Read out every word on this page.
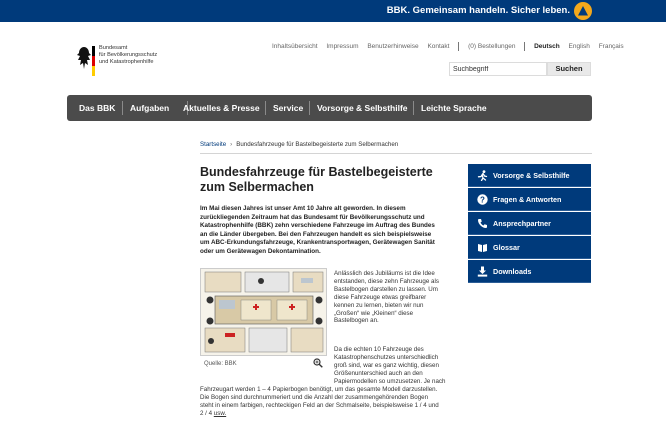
BBK. Gemeinsam handeln. Sicher leben.
Bundesamt
für Bevölkerungsschutz
und Katastrophenhilfe
Inhaltsübersicht Impressum Benutzerhinweise Kontakt	(0) Bestellungen	Deutsch English Français
Suchbegriff
Suchen
Das BBK Aufgaben Aktuelles & Presse Service Vorsorge & Selbsthilfe Leichte Sprache
Startseite › Bundesfahrzeuge für Bastelbegeisterte zum Selbermachen
Bundesfahrzeuge für Bastelbegeisterte zum Selbermachen
Im Mai diesen Jahres ist unser Amt 10 Jahre alt geworden. In diesem
zurückliegenden Zeitraum hat das Bundesamt für Bevölkerungsschutz und
Katastrophenhilfe (BBK) zehn verschiedene Fahrzeuge im Auftrag des Bundes
an die Länder übergeben. Bei den Fahrzeugen handelt es sich beispielsweise
um ABC-Erkundungsfahrzeuge, Krankentransportwagen, Gerätewagen Sanität
oder um Gerätewagen Dekontamination.
Quelle: BBK
Anlässlich des Jubiläums ist die Idee
entstanden, diese zehn Fahrzeuge als
Bastelbogen darstellen zu lassen. Um
diese Fahrzeuge etwas greifbarer
kennen zu lernen, bieten wir nun
„Großen“ wie „Kleinen“ diese
Bastelbogen an.
Da die echten 10 Fahrzeuge des
Katastrophenschutzes unterschiedlich
groß sind, war es ganz wichtig, diesen
Größenunterschied auch an den
Papiermodellen so umzusetzen. Je nach
Fahrzeugart werden 1 – 4 Papierbogen benötigt, um das gesamte Modell darzustellen.
Die Bogen sind durchnummeriert und die Anzahl der zusammengehörenden Bogen
steht in einem farbigen, rechteckigen Feld an der Schmalseite, beispielsweise 1 / 4 und
2 / 4 usw.
Vorsorge & Selbsthilfe
? Fragen & Antworten
Ansprechpartner
Glossar
Downloads
